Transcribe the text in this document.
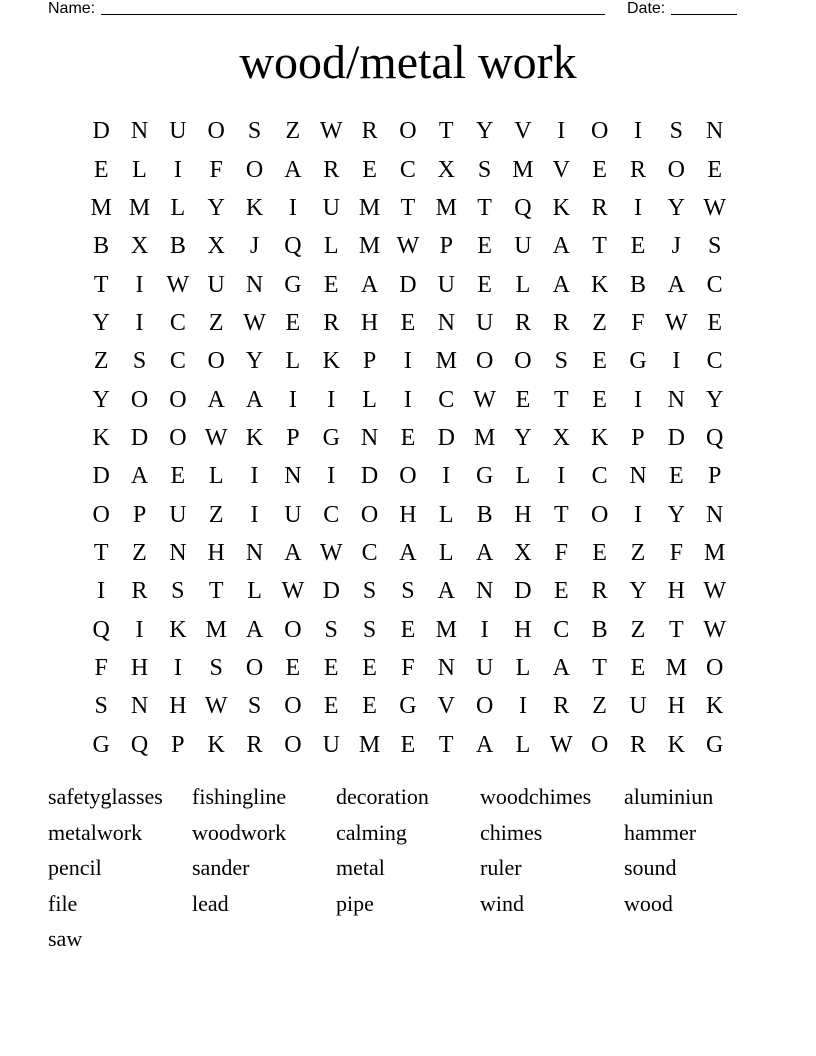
Name:	Date:
wood/metal work
D N U O S	Z W R O T Y V	I	O	I	S N
E L	I	F O A R E C X S M V E R O E
M M L Y K	I	U M T M T Q K R	I	Y W
B X B X	J	Q L M W P	E U A T E	J	S
T	I W U N G E A D U E L A K B A C
Y	I	C Z W E R H E N U R R Z	F W E
Z	S C O Y L K P	I M O O S	E G	I	C
Y O O A A	I	I	L	I	C W E T E	I	N Y
K D O W K P G N E D M Y X K P D Q
D A E L	I	N	I	D O	I	G L	I	C N E	P
O P U Z	I	U C O H L B H T O	I	Y N
T Z N H N A W C A L A X F	E Z	F M
I	R S	T L W D S	S A N D E R Y H W
Q	I	K M A O S	S	E M I	H C B Z T W
F H	I	S O E E E	F N U L A T E M O
S N H W S O E E G V O	I	R Z U H K
G Q P K R O U M E T A L W O R K G
safetyglasses	fishingline	decoration	woodchimes	aluminiun
metalwork	woodwork	calming	chimes	hammer
pencil	sander	metal	ruler	sound
file	lead	pipe	wind	wood
saw
